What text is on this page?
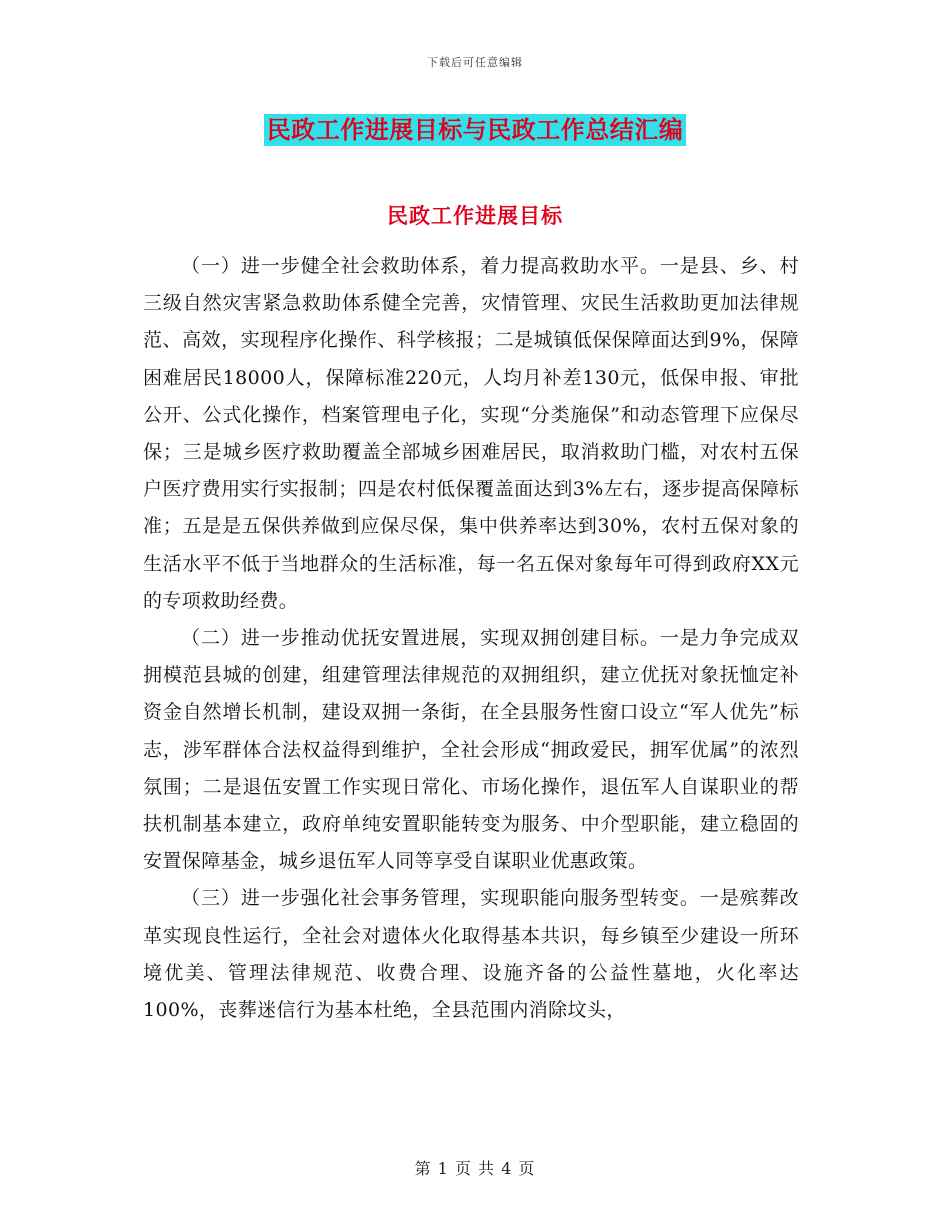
下载后可任意编辑
民政工作进展目标与民政工作总结汇编
民政工作进展目标

（一）进一步健全社会救助体系，着力提高救助水平。一是县、乡、村三级自然灾害紧急救助体系健全完善，灾情管理、灾民生活救助更加法律规范、高效，实现程序化操作、科学核报；二是城镇低保保障面达到9%，保障困难居民18000人，保障标准220元，人均月补差130元，低保申报、审批公开、公式化操作，档案管理电子化，实现“分类施保”和动态管理下应保尽保；三是城乡医疗救助覆盖全部城乡困难居民，取消救助门槛，对农村五保户医疗费用实行实报制；四是农村低保覆盖面达到3%左右，逐步提高保障标准；五是是五保供养做到应保尽保，集中供养率达到30%，农村五保对象的生活水平不低于当地群众的生活标准，每一名五保对象每年可得到政府XX元的专项救助经费。

（二）进一步推动优抚安置进展，实现双拥创建目标。一是力争完成双拥模范县城的创建，组建管理法律规范的双拥组织，建立优抚对象抚恤定补资金自然增长机制，建设双拥一条街，在全县服务性窗口设立“军人优先”标志，涉军群体合法权益得到维护，全社会形成“拥政爱民，拥军优属”的浓烈氛围；二是退伍安置工作实现日常化、市场化操作，退伍军人自谋职业的帮扶机制基本建立，政府单纯安置职能转变为服务、中介型职能，建立稳固的安置保障基金，城乡退伍军人同等享受自谋职业优惠政策。

（三）进一步强化社会事务管理，实现职能向服务型转变。一是殡葬改革实现良性运行，全社会对遗体火化取得基本共识，每乡镇至少建设一所环境优美、管理法律规范、收费合理、设施齐备的公益性墓地，火化率达100%，丧葬迷信行为基本杜绝，全县范围内消除坟头，

第 1 页 共 4 页
